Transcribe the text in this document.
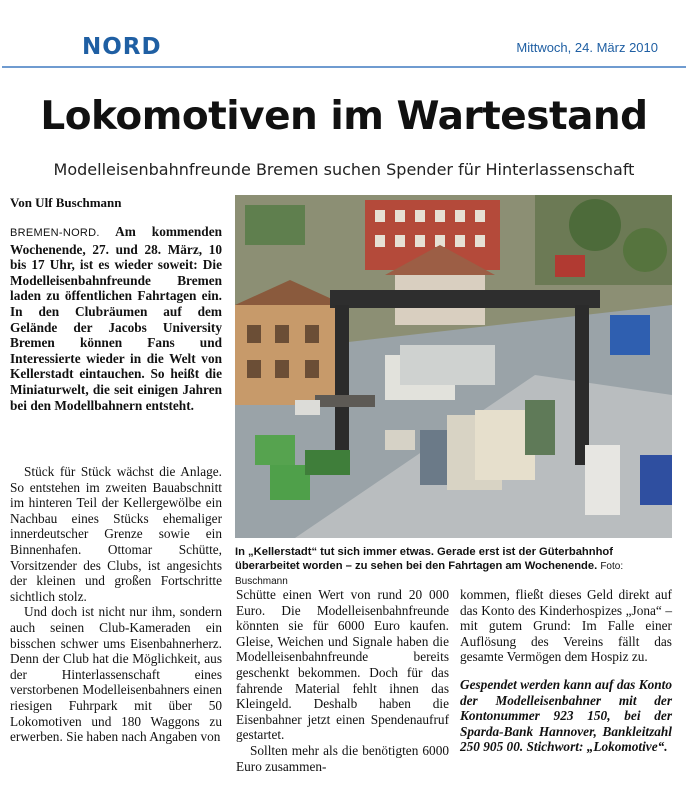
NORD	Mittwoch, 24. März 2010
Lokomotiven im Wartestand
Modelleisenbahnfreunde Bremen suchen Spender für Hinterlassenschaft
Von Ulf Buschmann
BREMEN-NORD. Am kommenden Wochenende, 27. und 28. März, 10 bis 17 Uhr, ist es wieder soweit: Die Modelleisenbahnfreunde Bremen laden zu öffentlichen Fahrtagen ein. In den Clubräumen auf dem Gelände der Jacobs University Bremen können Fans und Interessierte wieder in die Welt von Kellerstadt eintauchen. So heißt die Miniaturwelt, die seit einigen Jahren bei den Modellbahnern entsteht.

Stück für Stück wächst die Anlage. So entstehen im zweiten Bauabschnitt im hinteren Teil der Kellergewölbe ein Nachbau eines Stücks ehemaliger innerdeutscher Grenze sowie ein Binnenhafen. Ottomar Schütte, Vorsitzender des Clubs, ist angesichts der kleinen und großen Fortschritte sichtlich stolz.

Und doch ist nicht nur ihm, sondern auch seinen Club-Kameraden ein bisschen schwer ums Eisenbahnerherz. Denn der Club hat die Möglichkeit, aus der Hinterlassenschaft eines verstorbenen Modelleisenbahners einen riesigen Fuhrpark mit über 50 Lokomotiven und 180 Waggons zu erwerben. Sie haben nach Angaben von

In „Kellerstadt“ tut sich immer etwas. Gerade erst ist der Güterbahnhof überarbeitet worden – zu sehen bei den Fahrtagen am Wochenende. Foto: Buschmann

Schütte einen Wert von rund 20 000 Euro. Die Modelleisenbahnfreunde könnten sie für 6000 Euro kaufen. Gleise, Weichen und Signale haben die Modelleisenbahnfreunde bereits geschenkt bekommen. Doch für das fahrende Material fehlt ihnen das Kleingeld. Deshalb haben die Eisenbahner jetzt einen Spendenaufruf gestartet.

Sollten mehr als die benötigten 6000 Euro zusammen-

kommen, fließt dieses Geld direkt auf das Konto des Kinderhospizes „Jona“ – mit gutem Grund: Im Falle einer Auflösung des Vereins fällt das gesamte Vermögen dem Hospiz zu.

Gespendet werden kann auf das Konto der Modelleisenbahner mit der Kontonummer 923 150, bei der Sparda-Bank Hannover, Bankleitzahl 250 905 00. Stichwort: „Lokomotive“.
